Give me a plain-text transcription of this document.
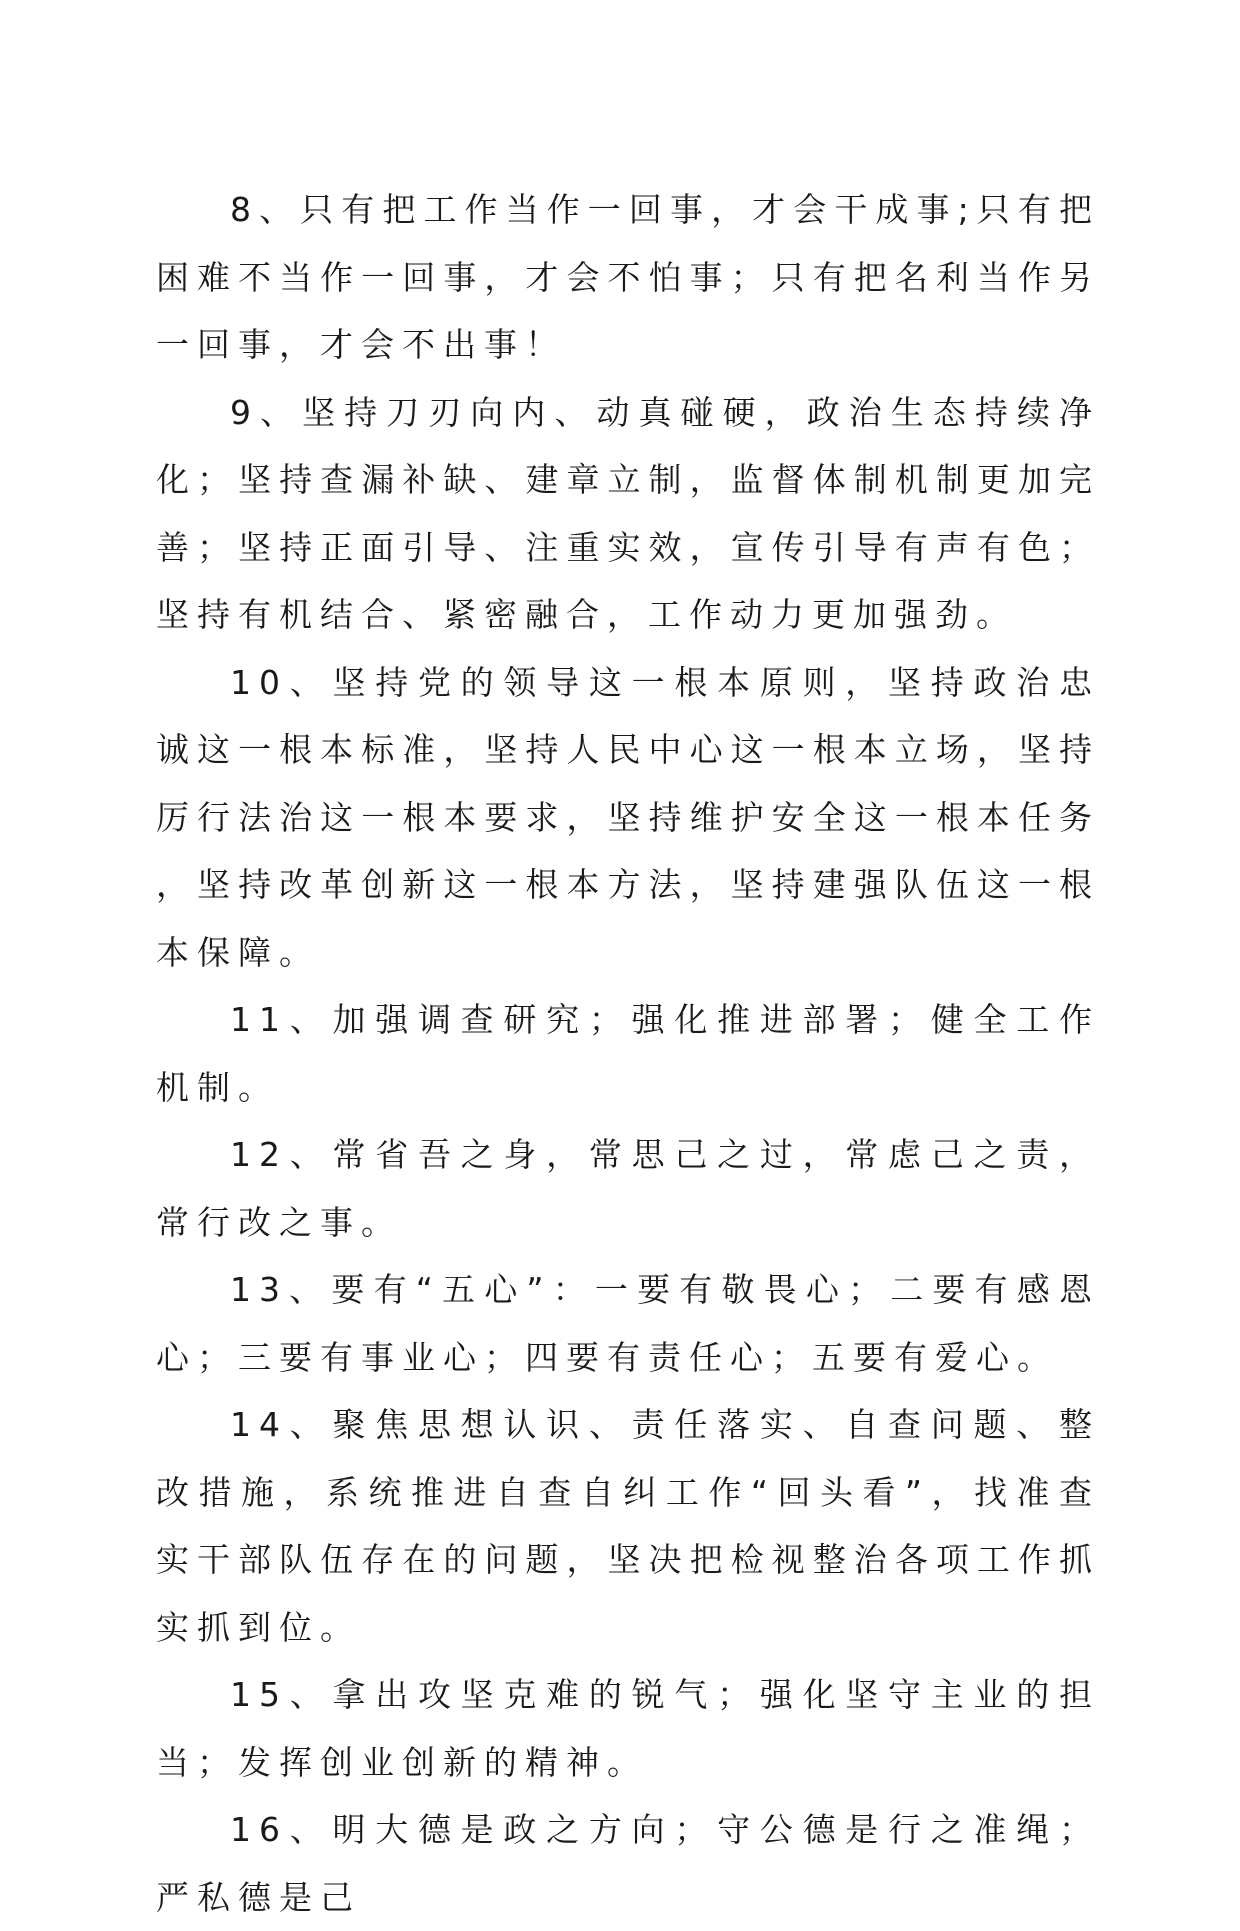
8、只有把工作当作一回事，才会干成事;只有把困难不当作一回事，才会不怕事；只有把名利当作另一回事，才会不出事！

9、坚持刀刃向内、动真碰硬，政治生态持续净化；坚持查漏补缺、建章立制，监督体制机制更加完善；坚持正面引导、注重实效，宣传引导有声有色；坚持有机结合、紧密融合，工作动力更加强劲。

10、坚持党的领导这一根本原则，坚持政治忠诚这一根本标准，坚持人民中心这一根本立场，坚持厉行法治这一根本要求，坚持维护安全这一根本任务，坚持改革创新这一根本方法，坚持建强队伍这一根本保障。

11、加强调查研究；强化推进部署；健全工作机制。

12、常省吾之身，常思己之过，常虑己之责，常行改之事。

13、要有“五心”：一要有敬畏心；二要有感恩心；三要有事业心；四要有责任心；五要有爱心。

14、聚焦思想认识、责任落实、自查问题、整改措施，系统推进自查自纠工作“回头看”，找准查实干部队伍存在的问题，坚决把检视整治各项工作抓实抓到位。

15、拿出攻坚克难的锐气；强化坚守主业的担当；发挥创业创新的精神。

16、明大德是政之方向；守公德是行之准绳；严私德是己
